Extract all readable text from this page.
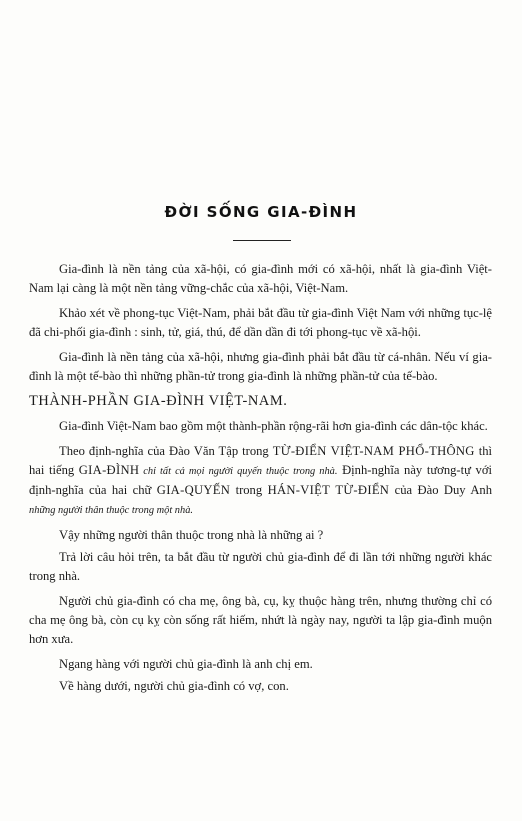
ĐỜI SỐNG GIA-ĐÌNH

Gia-đình là nền tảng của xã-hội, có gia-đình mới có xã-hội, nhất là gia-đình Việt-Nam lại càng là một nền tảng vững-chắc của xã-hội, Việt-Nam.

Khảo xét về phong-tục Việt-Nam, phải bắt đầu từ gia-đình Việt Nam với những tục-lệ đã chi-phối gia-đình : sinh, tử, giá, thú, để dần dần đi tới phong-tục về xã-hội.

Gia-đình là nền tảng của xã-hội, nhưng gia-đình phải bắt đầu từ cá-nhân. Nếu ví gia-đình là một tế-bào thì những phần-tử trong gia-đình là những phần-tử của tế-bào.

THÀNH-PHẦN GIA-ĐÌNH VIỆT-NAM.

Gia-đình Việt-Nam bao gồm một thành-phần rộng-rãi hơn gia-đình các dân-tộc khác.

Theo định-nghĩa của Đào Văn Tập trong TỪ-ĐIỂN VIỆT-NAM PHỔ-THÔNG thì hai tiếng GIA-ĐÌNH chỉ tất cả mọi người quyến thuộc trong nhà. Định-nghĩa này tương-tự với định-nghĩa của hai chữ GIA-QUYẾN trong HÁN-VIỆT TỪ-ĐIỂN của Đào Duy Anh những người thân thuộc trong một nhà.

Vậy những người thân thuộc trong nhà là những ai ?

Trả lời câu hỏi trên, ta bắt đầu từ người chủ gia-đình để đi lần tới những người khác trong nhà.

Người chủ gia-đình có cha mẹ, ông bà, cụ, kỵ thuộc hàng trên, nhưng thường chỉ có cha mẹ ông bà, còn cụ kỵ còn sống rất hiếm, nhứt là ngày nay, người ta lập gia-đình muộn hơn xưa.

Ngang hàng với người chủ gia-đình là anh chị em.

Về hàng dưới, người chủ gia-đình có vợ, con.
